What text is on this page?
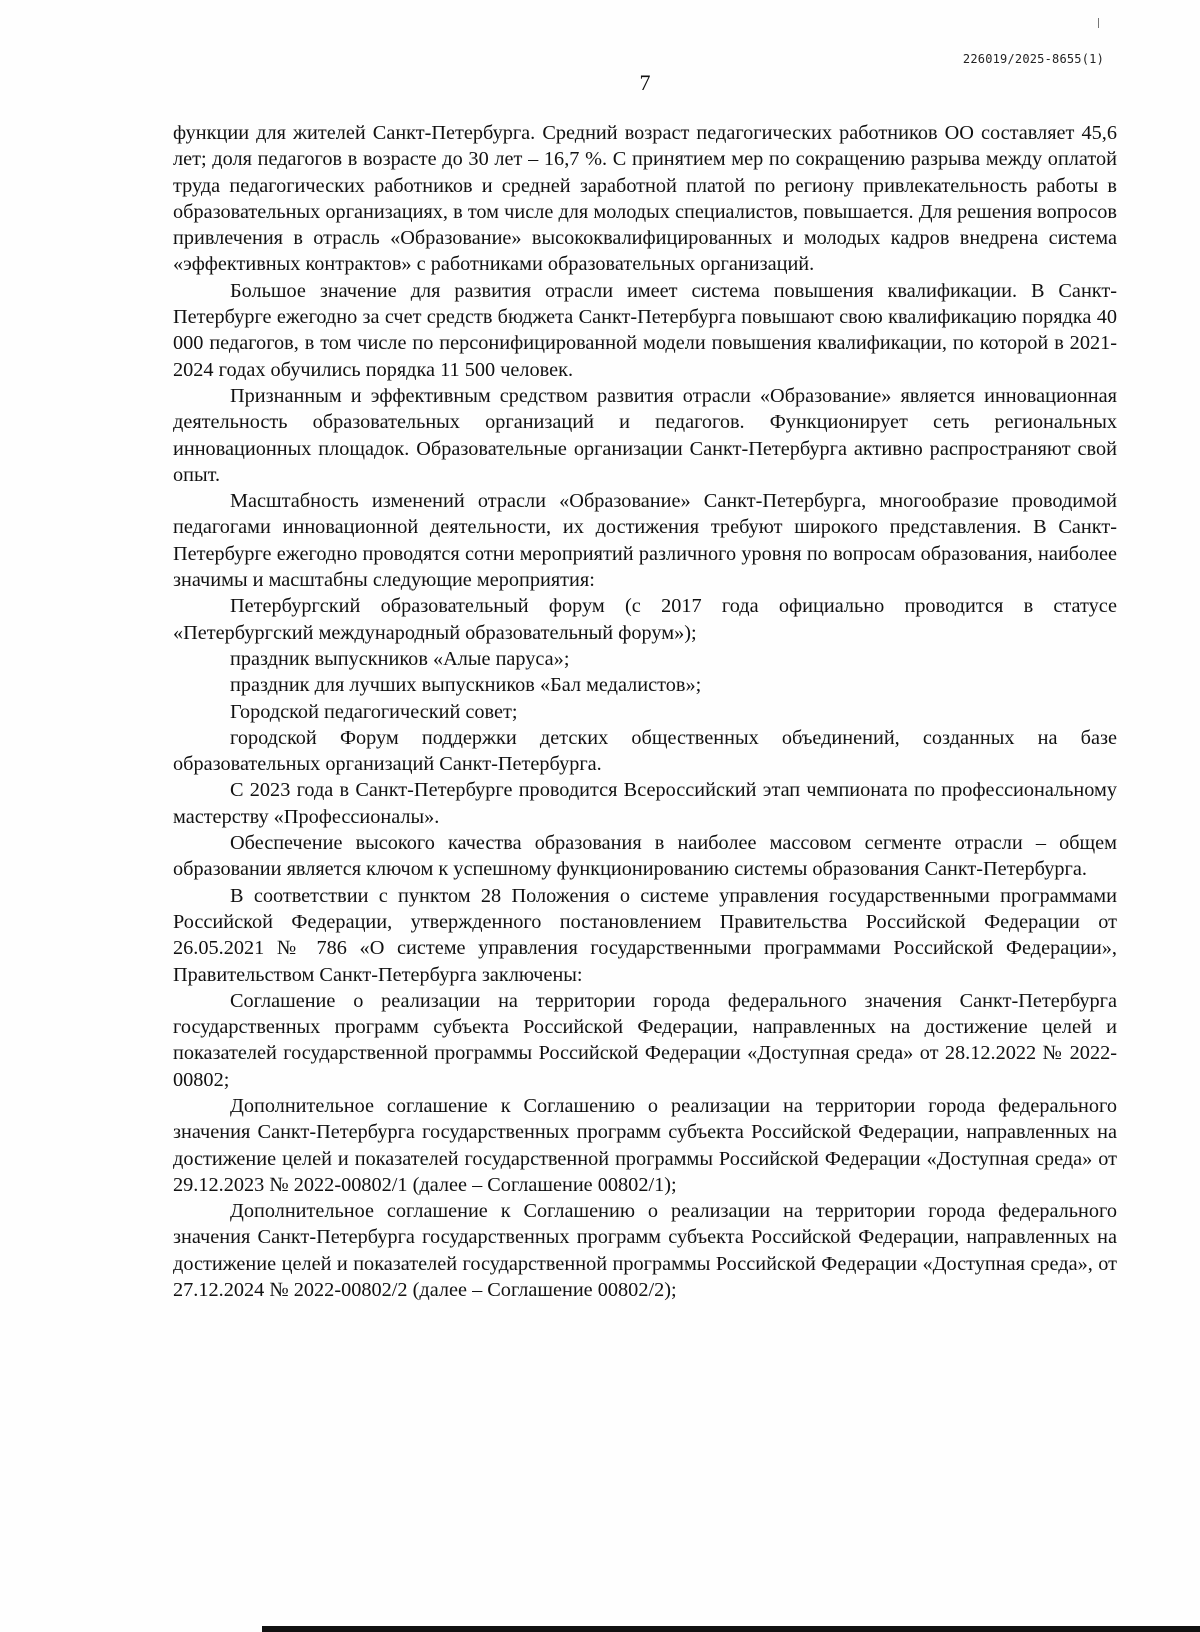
226019/2025-8655(1)
7

функции для жителей Санкт-Петербурга. Средний возраст педагогических работников ОО составляет 45,6 лет; доля педагогов в возрасте до 30 лет – 16,7 %. С принятием мер по сокращению разрыва между оплатой труда педагогических работников и средней заработной платой по региону привлекательность работы в образовательных организациях, в том числе для молодых специалистов, повышается. Для решения вопросов привлечения в отрасль «Образование» высококвалифицированных и молодых кадров внедрена система «эффективных контрактов» с работниками образовательных организаций.

Большое значение для развития отрасли имеет система повышения квалификации. В Санкт-Петербурге ежегодно за счет средств бюджета Санкт-Петербурга повышают свою квалификацию порядка 40 000 педагогов, в том числе по персонифицированной модели повышения квалификации, по которой в 2021-2024 годах обучились порядка 11 500 человек.

Признанным и эффективным средством развития отрасли «Образование» является инновационная деятельность образовательных организаций и педагогов. Функционирует сеть региональных инновационных площадок. Образовательные организации Санкт-Петербурга активно распространяют свой опыт.

Масштабность изменений отрасли «Образование» Санкт-Петербурга, многообразие проводимой педагогами инновационной деятельности, их достижения требуют широкого представления. В Санкт-Петербурге ежегодно проводятся сотни мероприятий различного уровня по вопросам образования, наиболее значимы и масштабны следующие мероприятия:

Петербургский образовательный форум (с 2017 года официально проводится в статусе «Петербургский международный образовательный форум»);

праздник выпускников «Алые паруса»;

праздник для лучших выпускников «Бал медалистов»;

Городской педагогический совет;

городской Форум поддержки детских общественных объединений, созданных на базе образовательных организаций Санкт-Петербурга.

С 2023 года в Санкт-Петербурге проводится Всероссийский этап чемпионата по профессиональному мастерству «Профессионалы».

Обеспечение высокого качества образования в наиболее массовом сегменте отрасли – общем образовании является ключом к успешному функционированию системы образования Санкт-Петербурга.

В соответствии с пунктом 28 Положения о системе управления государственными программами Российской Федерации, утвержденного постановлением Правительства Российской Федерации от 26.05.2021 № 786 «О системе управления государственными программами Российской Федерации», Правительством Санкт-Петербурга заключены:

Соглашение о реализации на территории города федерального значения Санкт-Петербурга государственных программ субъекта Российской Федерации, направленных на достижение целей и показателей государственной программы Российской Федерации «Доступная среда» от 28.12.2022 № 2022-00802;

Дополнительное соглашение к Соглашению о реализации на территории города федерального значения Санкт-Петербурга государственных программ субъекта Российской Федерации, направленных на достижение целей и показателей государственной программы Российской Федерации «Доступная среда» от 29.12.2023 № 2022-00802/1 (далее – Соглашение 00802/1);

Дополнительное соглашение к Соглашению о реализации на территории города федерального значения Санкт-Петербурга государственных программ субъекта Российской Федерации, направленных на достижение целей и показателей государственной программы Российской Федерации «Доступная среда», от 27.12.2024 № 2022-00802/2 (далее – Соглашение 00802/2);
